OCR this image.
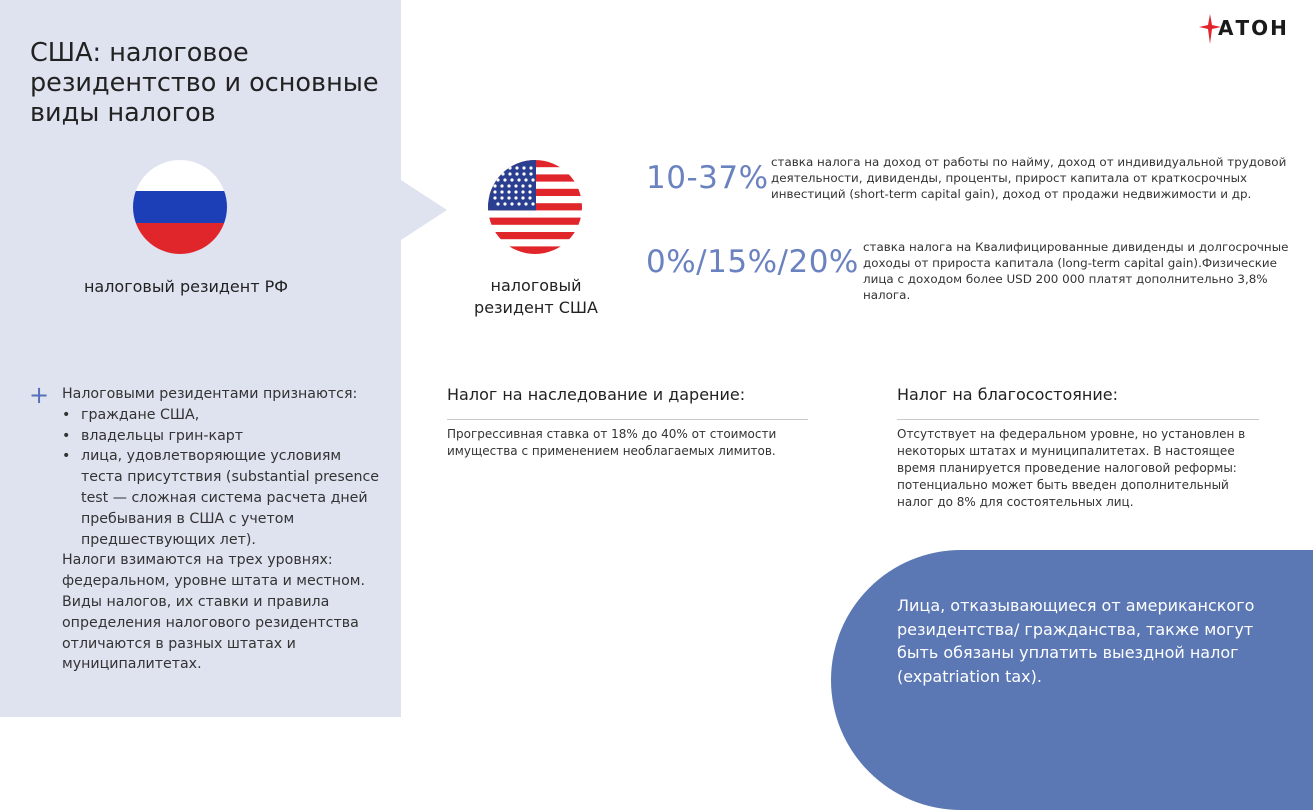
США: налоговое резидентство и основные виды налогов
АТОН
налоговый резидент РФ	налоговый резидент США
+ Налоговыми резидентами признаются:

• граждане США,
• владельцы грин-карт
• лица, удовлетворяющие условиям теста присутствия (substantial presence test — сложная система расчета дней пребывания в США с учетом предшествующих лет).

Налоги взимаются на трех уровнях: федеральном, уровне штата и местном. Виды налогов, их ставки и правила определения налогового резидентства отличаются в разных штатах и муниципалитетах.

10-37% ставка налога на доход от работы по найму, доход от индивидуальной трудовой деятельности, дивиденды, проценты, прирост капитала от краткосрочных инвестиций (short-term capital gain), доход от продажи недвижимости и др.
0%/15%/20% ставка налога на Квалифицированные дивиденды и долгосрочные доходы от прироста капитала (long-term capital gain).Физические лица с доходом более USD 200 000 платят дополнительно 3,8% налога.
Налог на наследование и дарение:
Прогрессивная ставка от 18% до 40% от стоимости имущества с применением необлагаемых лимитов.
Налог на благосостояние:
Отсутствует на федеральном уровне, но установлен в некоторых штатах и муниципалитетах. В настоящее время планируется проведение налоговой реформы: потенциально может быть введен дополнительный налог до 8% для состоятельных лиц.
Лица, отказывающиеся от американского резидентства/ гражданства, также могут быть обязаны уплатить выездной налог (expatriation tax).
